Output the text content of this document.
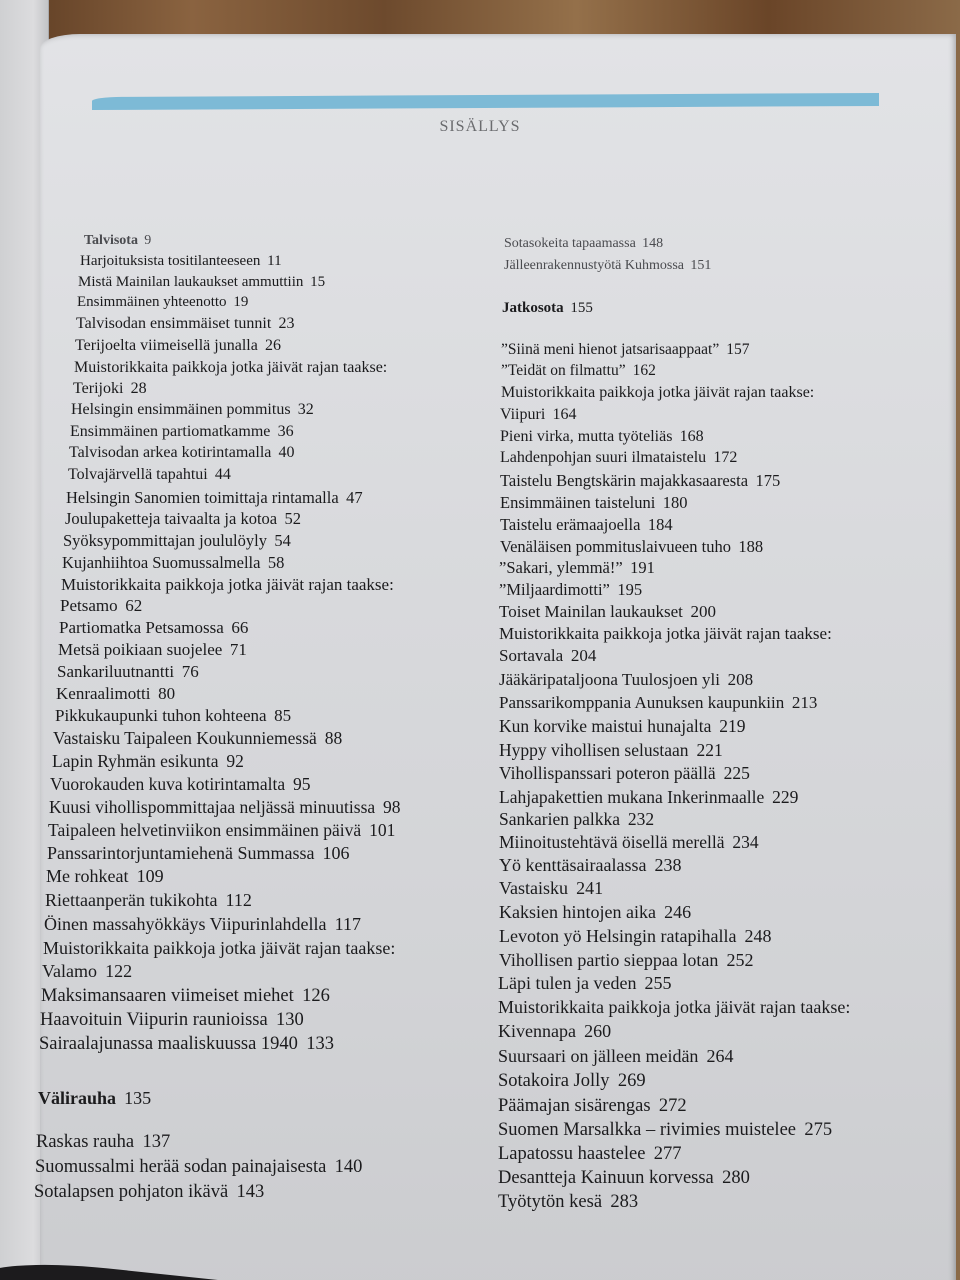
SISÄLLYS
Talvisota 9
Harjoituksista tositilanteeseen 11
Mistä Mainilan laukaukset ammuttiin 15
Ensimmäinen yhteenotto 19
Talvisodan ensimmäiset tunnit 23
Terijoelta viimeisellä junalla 26
Muistorikkaita paikkoja jotka jäivät rajan taakse:
Terijoki 28
Helsingin ensimmäinen pommitus 32
Ensimmäinen partiomatkamme 36
Talvisodan arkea kotirintamalla 40
Tolvajärvellä tapahtui 44
Helsingin Sanomien toimittaja rintamalla 47
Joulupaketteja taivaalta ja kotoa 52
Syöksypommittajan joululöyly 54
Kujanhiihtoa Suomussalmella 58
Muistorikkaita paikkoja jotka jäivät rajan taakse:
Petsamo 62
Partiomatka Petsamossa 66
Metsä poikiaan suojelee 71
Sankariluutnantti 76
Kenraalimotti 80
Pikkukaupunki tuhon kohteena 85
Vastaisku Taipaleen Koukunniemessä 88
Lapin Ryhmän esikunta 92
Vuorokauden kuva kotirintamalta 95
Kuusi vihollispommittajaa neljässä minuutissa 98
Taipaleen helvetinviikon ensimmäinen päivä 101
Panssarintorjuntamiehenä Summassa 106
Me rohkeat 109
Riettaanperän tukikohta 112
Öinen massahyökkäys Viipurinlahdella 117
Muistorikkaita paikkoja jotka jäivät rajan taakse:
Valamo 122
Maksimansaaren viimeiset miehet 126
Haavoituin Viipurin raunioissa 130
Sairaalajunassa maaliskuussa 1940 133
Välirauha 135
Raskas rauha 137
Suomussalmi herää sodan painajaisesta 140
Sotalapsen pohjaton ikävä 143
Sotasokeita tapaamassa 148
Jälleenrakennustyötä Kuhmossa 151
Jatkosota 155
”Siinä meni hienot jatsarisaappaat” 157
”Teidät on filmattu” 162
Muistorikkaita paikkoja jotka jäivät rajan taakse:
Viipuri 164
Pieni virka, mutta työteliäs 168
Lahdenpohjan suuri ilmataistelu 172
Taistelu Bengtskärin majakkasaaresta 175
Ensimmäinen taisteluni 180
Taistelu erämaajoella 184
Venäläisen pommituslaivueen tuho 188
”Sakari, ylemmä!” 191
”Miljaardimotti” 195
Toiset Mainilan laukaukset 200
Muistorikkaita paikkoja jotka jäivät rajan taakse:
Sortavala 204
Jääkäripataljoona Tuulosjoen yli 208
Panssarikomppania Aunuksen kaupunkiin 213
Kun korvike maistui hunajalta 219
Hyppy vihollisen selustaan 221
Vihollispanssari poteron päällä 225
Lahjapakettien mukana Inkerinmaalle 229
Sankarien palkka 232
Miinoitustehtävä öisellä merellä 234
Yö kenttäsairaalassa 238
Vastaisku 241
Kaksien hintojen aika 246
Levoton yö Helsingin ratapihalla 248
Vihollisen partio sieppaa lotan 252
Läpi tulen ja veden 255
Muistorikkaita paikkoja jotka jäivät rajan taakse:
Kivennapa 260
Suursaari on jälleen meidän 264
Sotakoira Jolly 269
Päämajan sisärengas 272
Suomen Marsalkka – rivimies muistelee 275
Lapatossu haastelee 277
Desantteja Kainuun korvessa 280
Työtytön kesä 283
